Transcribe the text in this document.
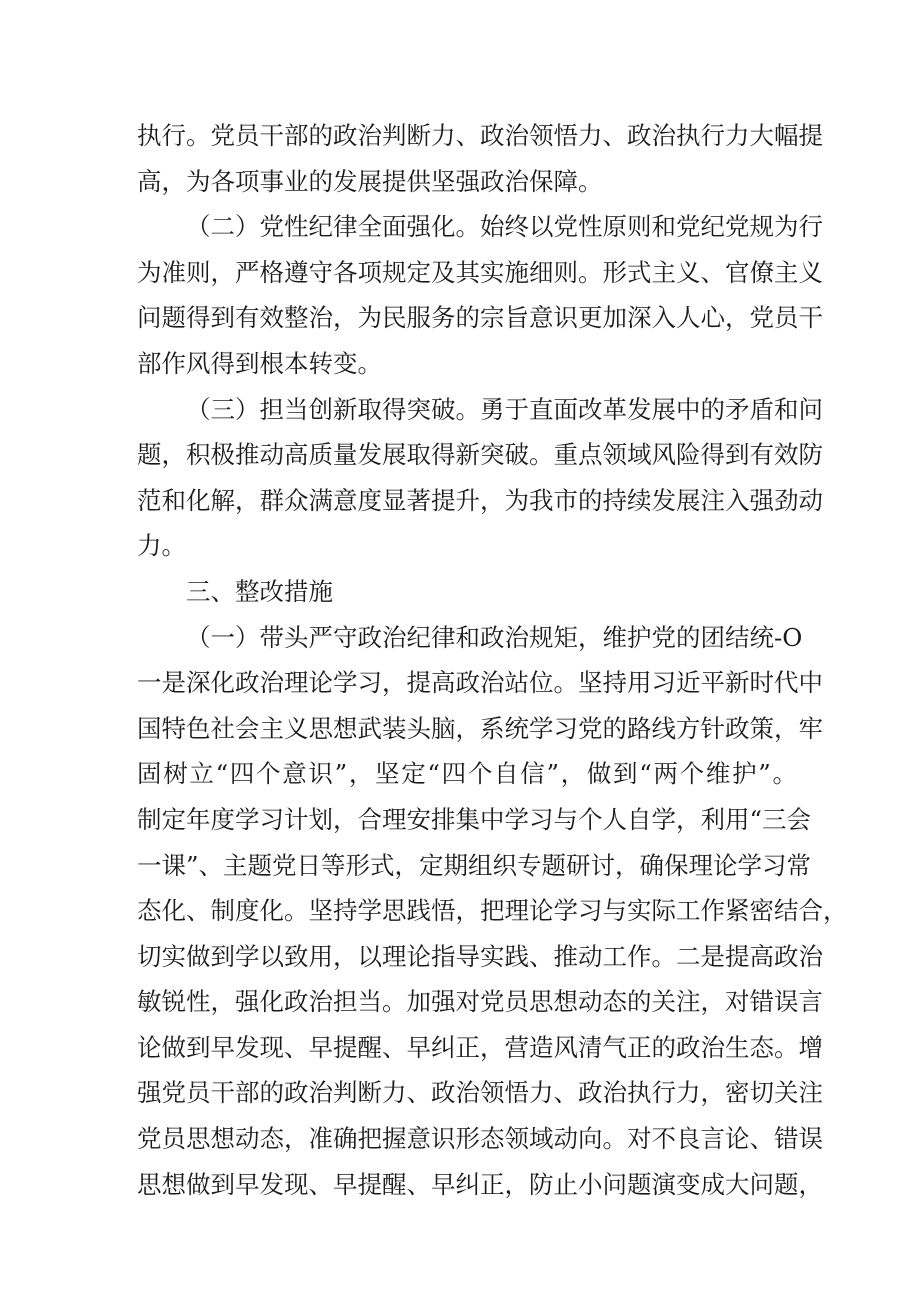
执行。党员干部的政治判断力、政治领悟力、政治执行力大幅提
高，为各项事业的发展提供坚强政治保障。
（二）党性纪律全面强化。始终以党性原则和党纪党规为行
为准则，严格遵守各项规定及其实施细则。形式主义、官僚主义
问题得到有效整治，为民服务的宗旨意识更加深入人心，党员干
部作风得到根本转变。
（三）担当创新取得突破。勇于直面改革发展中的矛盾和问
题，积极推动高质量发展取得新突破。重点领域风险得到有效防
范和化解，群众满意度显著提升，为我市的持续发展注入强劲动
力。
三、整改措施
（一）带头严守政治纪律和政治规矩，维护党的团结统-O
一是深化政治理论学习，提高政治站位。坚持用习近平新时代中
国特色社会主义思想武装头脑，系统学习党的路线方针政策，牢
固树立“四个意识”，坚定“四个自信”，做到“两个维护”。
制定年度学习计划，合理安排集中学习与个人自学，利用“三会
一课”、主题党日等形式，定期组织专题研讨，确保理论学习常
态化、制度化。坚持学思践悟，把理论学习与实际工作紧密结合，
切实做到学以致用，以理论指导实践、推动工作。二是提高政治
敏锐性，强化政治担当。加强对党员思想动态的关注，对错误言
论做到早发现、早提醒、早纠正，营造风清气正的政治生态。增
强党员干部的政治判断力、政治领悟力、政治执行力，密切关注
党员思想动态，准确把握意识形态领域动向。对不良言论、错误
思想做到早发现、早提醒、早纠正，防止小问题演变成大问题，
